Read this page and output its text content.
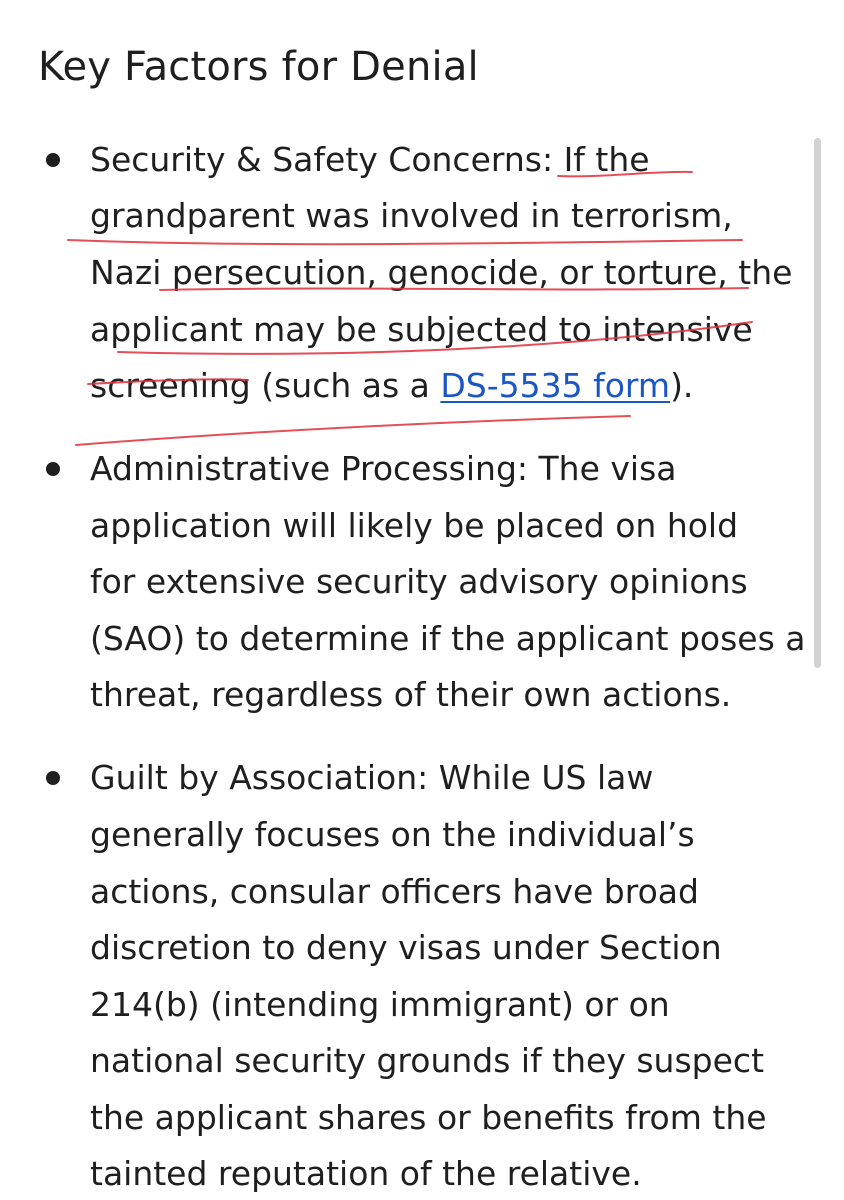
Key Factors for Denial

Security & Safety Concerns: If the

grandparent was involved in terrorism,

Nazi persecution, genocide, or torture, the

applicant may be subjected to intensive

screening (such as a DS-5535 form).

Administrative Processing: The visa

application will likely be placed on hold

for extensive security advisory opinions

(SAO) to determine if the applicant poses a

threat, regardless of their own actions.

Guilt by Association: While US law

generally focuses on the individual’s

actions, consular officers have broad

discretion to deny visas under Section

214(b) (intending immigrant) or on

national security grounds if they suspect

the applicant shares or benefits from the

tainted reputation of the relative.
